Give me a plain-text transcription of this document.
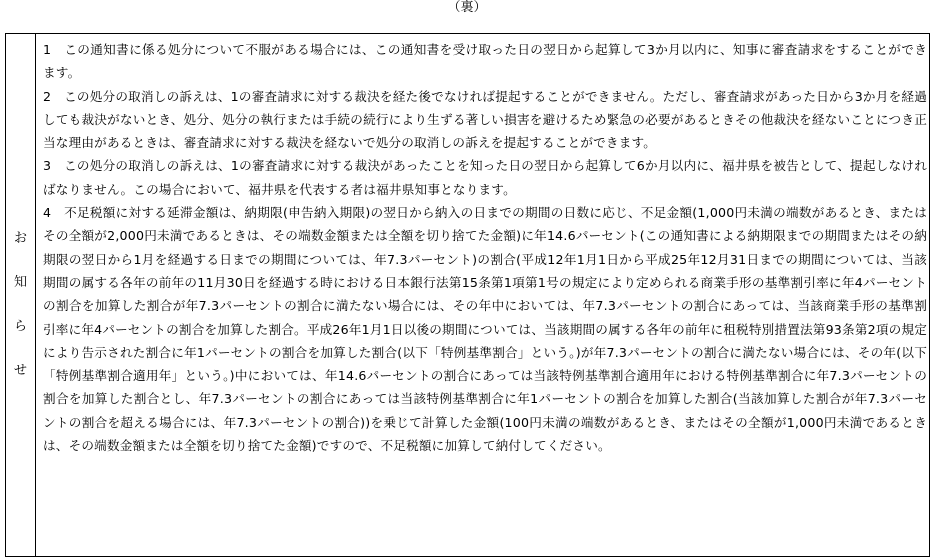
（裏）
お
知
ら
せ

1　 この通知書に係る処分について不服がある場合には、この通知書を受け取った日の翌日から起算して3か月以内に、知事に審査請求をすることができます。

2　 この処分の取消しの訴えは、1の審査請求に対する裁決を経た後でなければ提起することができません。ただし、審査請求があった日から3か月を経過しても裁決がないとき、処分、処分の執行または手続の続行により生ずる著しい損害を避けるため緊急の必要があるときその他裁決を経ないことにつき正当な理由があるときは、審査請求に対する裁決を経ないで処分の取消しの訴えを提起することができます。

3　 この処分の取消しの訴えは、1の審査請求に対する裁決があったことを知った日の翌日から起算して6か月以内に、福井県を被告として、提起しなければなりません。この場合において、福井県を代表する者は福井県知事となります。

4　 不足税額に対する延滞金額は、納期限(申告納入期限)の翌日から納入の日までの期間の日数に応じ、不足金額(1,000円未満の端数があるとき、またはその全額が2,000円未満であるときは、その端数金額または全額を切り捨てた金額)に年14.6パーセント(この通知書による納期限までの期間またはその納期限の翌日から1月を経過する日までの期間については、年7.3パーセント)の割合(平成12年1月1日から平成25年12月31日までの期間については、当該期間の属する各年の前年の11月30日を経過する時における日本銀行法第15条第1項第1号の規定により定められる商業手形の基準割引率に年4パーセントの割合を加算した割合が年7.3パーセントの割合に満たない場合には、その年中においては、年7.3パーセントの割合にあっては、当該商業手形の基準割引率に年4パーセントの割合を加算した割合。平成26年1月1日以後の期間については、当該期間の属する各年の前年に租税特別措置法第93条第2項の規定により告示された割合に年1パーセントの割合を加算した割合(以下「特例基準割合」という。)が年7.3パーセントの割合に満たない場合には、その年(以下「特例基準割合適用年」という。)中においては、年14.6パーセントの割合にあっては当該特例基準割合適用年における特例基準割合に年7.3パーセントの割合を加算した割合とし、年7.3パーセントの割合にあっては当該特例基準割合に年1パーセントの割合を加算した割合(当該加算した割合が年7.3パーセントの割合を超える場合には、年7.3パーセントの割合))を乗じて計算した金額(100円未満の端数があるとき、またはその全額が1,000円未満であるときは、その端数金額または全額を切り捨てた金額)ですので、不足税額に加算して納付してください。
